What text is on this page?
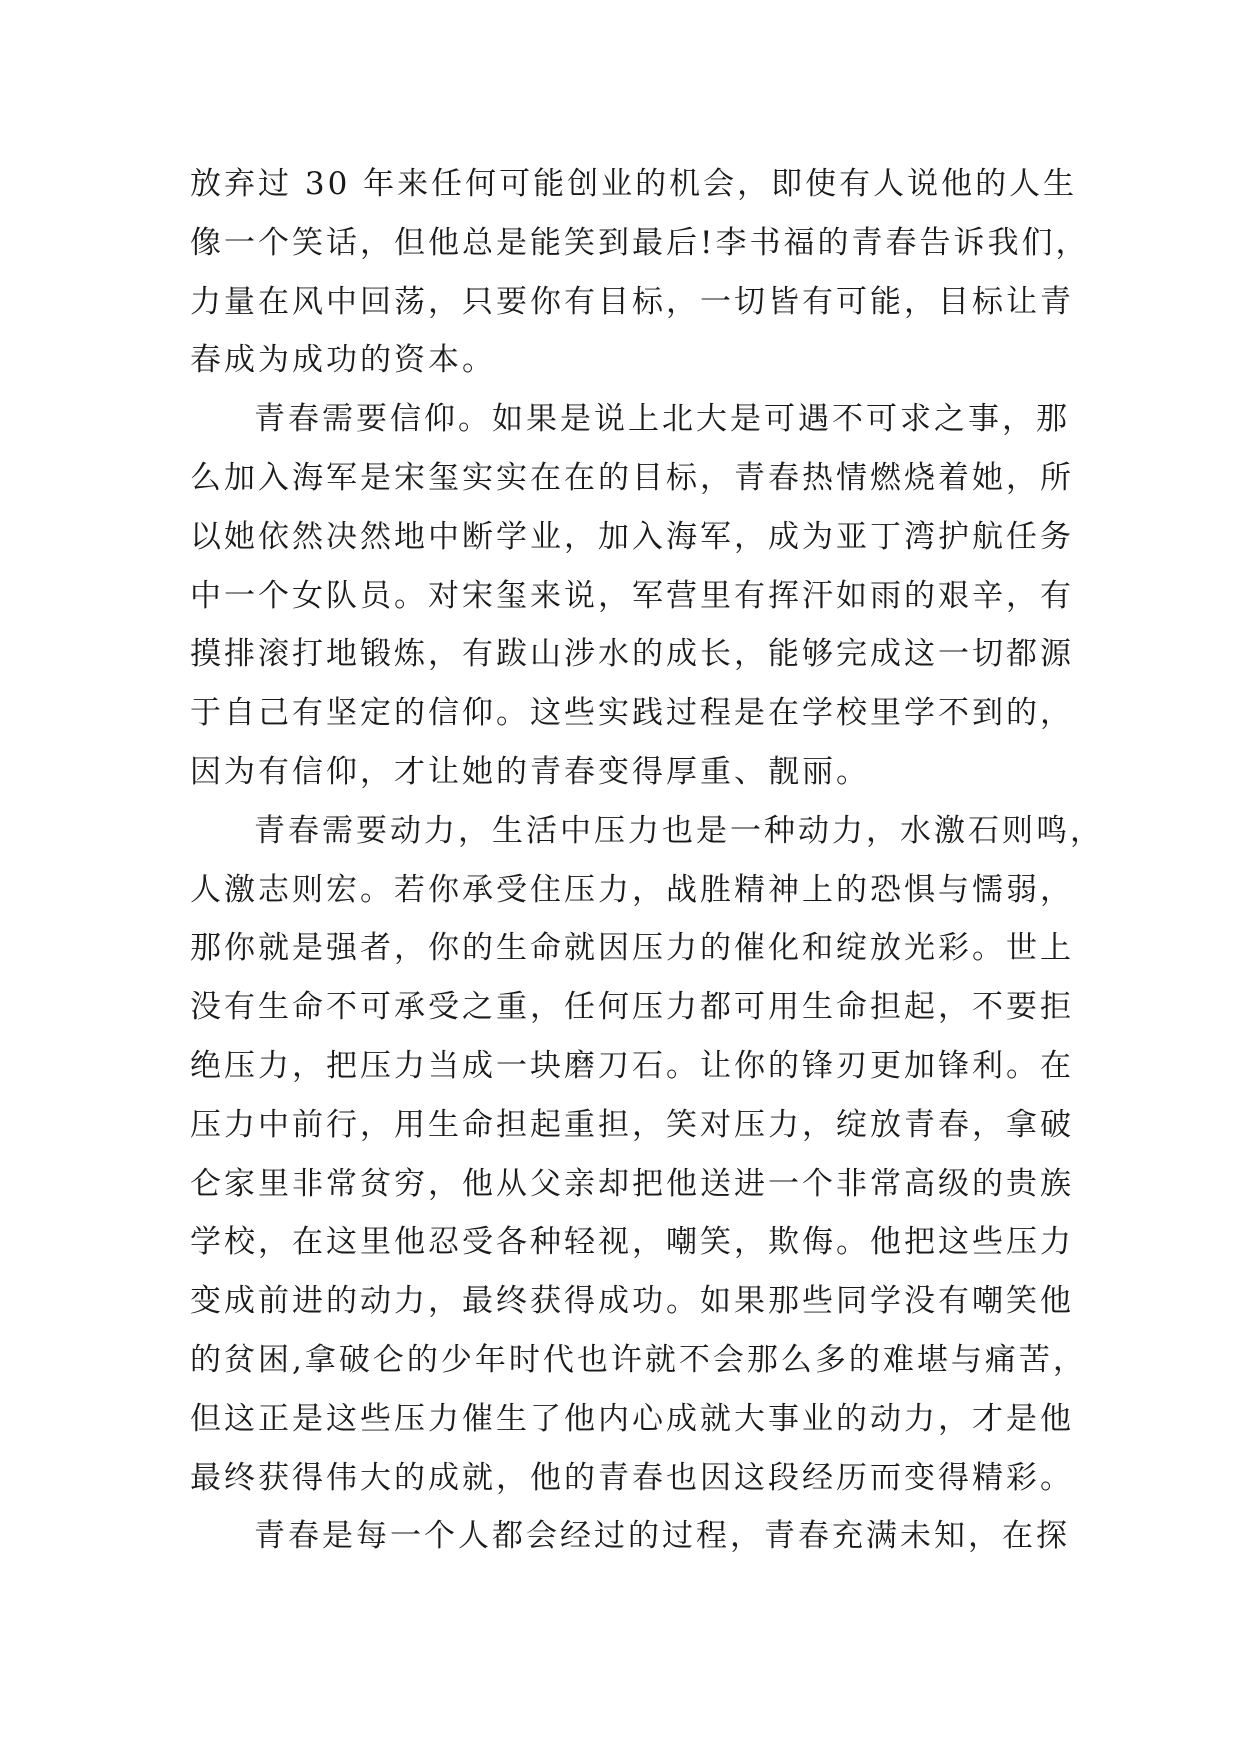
放弃过 30 年来任何可能创业的机会，即使有人说他的人生
像一个笑话，但他总是能笑到最后!李书福的青春告诉我们，
力量在风中回荡，只要你有目标，一切皆有可能，目标让青
春成为成功的资本。
青春需要信仰。如果是说上北大是可遇不可求之事，那
么加入海军是宋玺实实在在的目标，青春热情燃烧着她，所
以她依然决然地中断学业，加入海军，成为亚丁湾护航任务
中一个女队员。对宋玺来说，军营里有挥汗如雨的艰辛，有
摸排滚打地锻炼，有跋山涉水的成长，能够完成这一切都源
于自己有坚定的信仰。这些实践过程是在学校里学不到的，
因为有信仰，才让她的青春变得厚重、靓丽。
青春需要动力，生活中压力也是一种动力，水激石则鸣，
人激志则宏。若你承受住压力，战胜精神上的恐惧与懦弱，
那你就是强者，你的生命就因压力的催化和绽放光彩。世上
没有生命不可承受之重，任何压力都可用生命担起，不要拒
绝压力，把压力当成一块磨刀石。让你的锋刃更加锋利。在
压力中前行，用生命担起重担，笑对压力，绽放青春，拿破
仑家里非常贫穷，他从父亲却把他送进一个非常高级的贵族
学校，在这里他忍受各种轻视，嘲笑，欺侮。他把这些压力
变成前进的动力，最终获得成功。如果那些同学没有嘲笑他
的贫困,拿破仑的少年时代也许就不会那么多的难堪与痛苦，
但这正是这些压力催生了他内心成就大事业的动力，才是他
最终获得伟大的成就，他的青春也因这段经历而变得精彩。
青春是每一个人都会经过的过程，青春充满未知，在探
